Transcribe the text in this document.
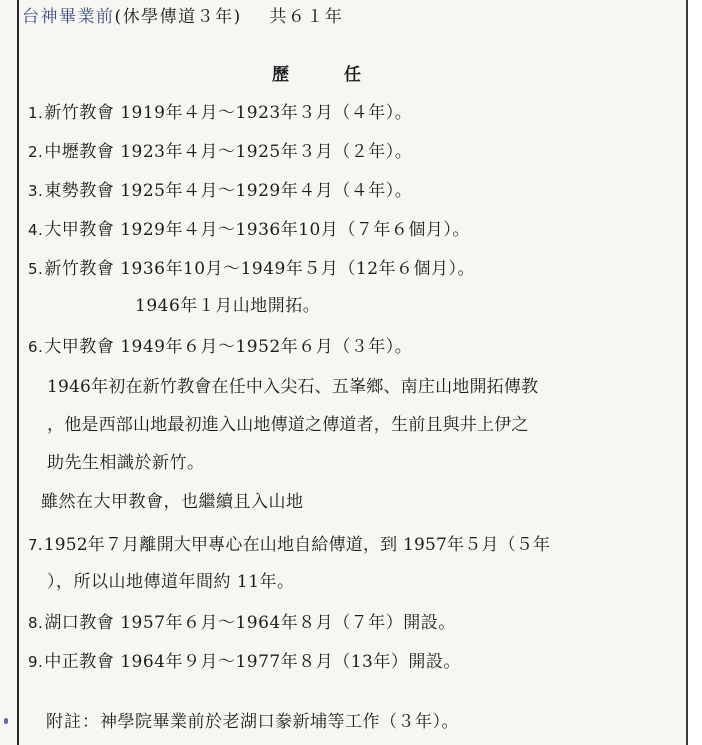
台神畢業前(休學傳道３年) 共６１年
歷任
1.新竹教會 1919年４月～1923年３月（４年）。
2.中壢教會 1923年４月～1925年３月（２年）。
3.東勢教會 1925年４月～1929年４月（４年）。
4.大甲教會 1929年４月～1936年10月（７年６個月）。
5.新竹教會 1936年10月～1949年５月（12年６個月）。
1946年１月山地開拓。
6.大甲教會 1949年６月～1952年６月（３年）。
1946年初在新竹教會在任中入尖石、五峯鄉、南庄山地開拓傳教
，他是西部山地最初進入山地傳道之傳道者，生前且與井上伊之
助先生相識於新竹。
雖然在大甲教會，也繼續且入山地
7.1952年７月離開大甲專心在山地自給傳道，到 1957年５月（５年
），所以山地傳道年間約 11年。
8.湖口教會 1957年６月～1964年８月（７年）開設。
9.中正教會 1964年９月～1977年８月（13年）開設。
附註：神學院畢業前於老湖口豢新埔等工作（３年）。
